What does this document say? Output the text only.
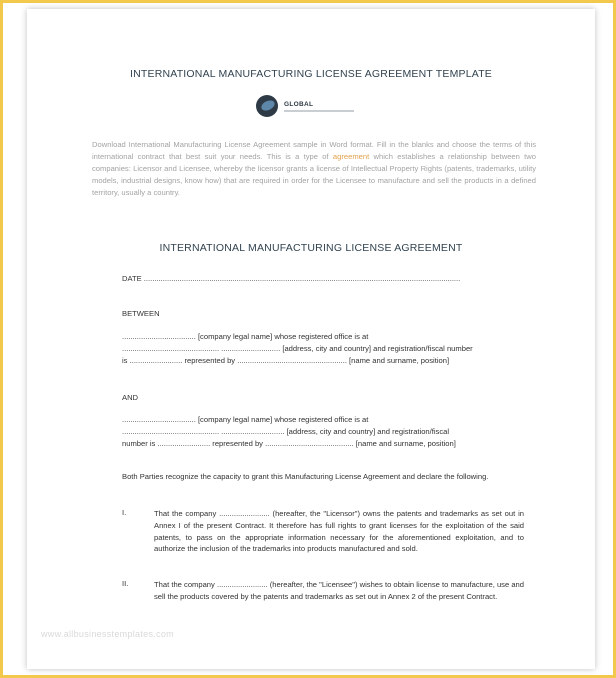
INTERNATIONAL MANUFACTURING LICENSE AGREEMENT TEMPLATE
GLOBAL

Download International Manufacturing License Agreement sample in Word format. Fill in the blanks and choose the terms of this international contract that best suit your needs. This is a type of agreement which establishes a relationship between two companies: Licensor and Licensee, whereby the licensor grants a license of Intellectual Property Rights (patents, trademarks, utility models, industrial designs, know how) that are required in order for the Licensee to manufacture and sell the products in a defined territory, usually a country.

INTERNATIONAL MANUFACTURING LICENSE AGREEMENT
DATE ......................................................................................................................................................
BETWEEN
................................... [company legal name] whose registered office is at
.............................................. ............................ [address, city and country] and registration/fiscal number
is ......................... represented by .................................................... [name and surname, position]
AND
................................... [company legal name] whose registered office is at
.............................................. .............................. [address, city and country] and registration/fiscal
number is ......................... represented by .......................................... [name and surname, position]

Both Parties recognize the capacity to grant this Manufacturing License Agreement and declare the following.

I.	That the company ........................ (hereafter, the "Licensor") owns the patents and trademarks as set out in Annex I of the present Contract. It therefore has full rights to grant licenses for the exploitation of the said patents, to pass on the appropriate information necessary for the aforementioned exploitation, and to authorize the inclusion of the trademarks into products manufactured and sold.

II.	That the company ........................ (hereafter, the "Licensee") wishes to obtain license to manufacture, use and sell the products covered by the patents and trademarks as set out in Annex 2 of the present Contract.

www.allbusinesstemplates.com
